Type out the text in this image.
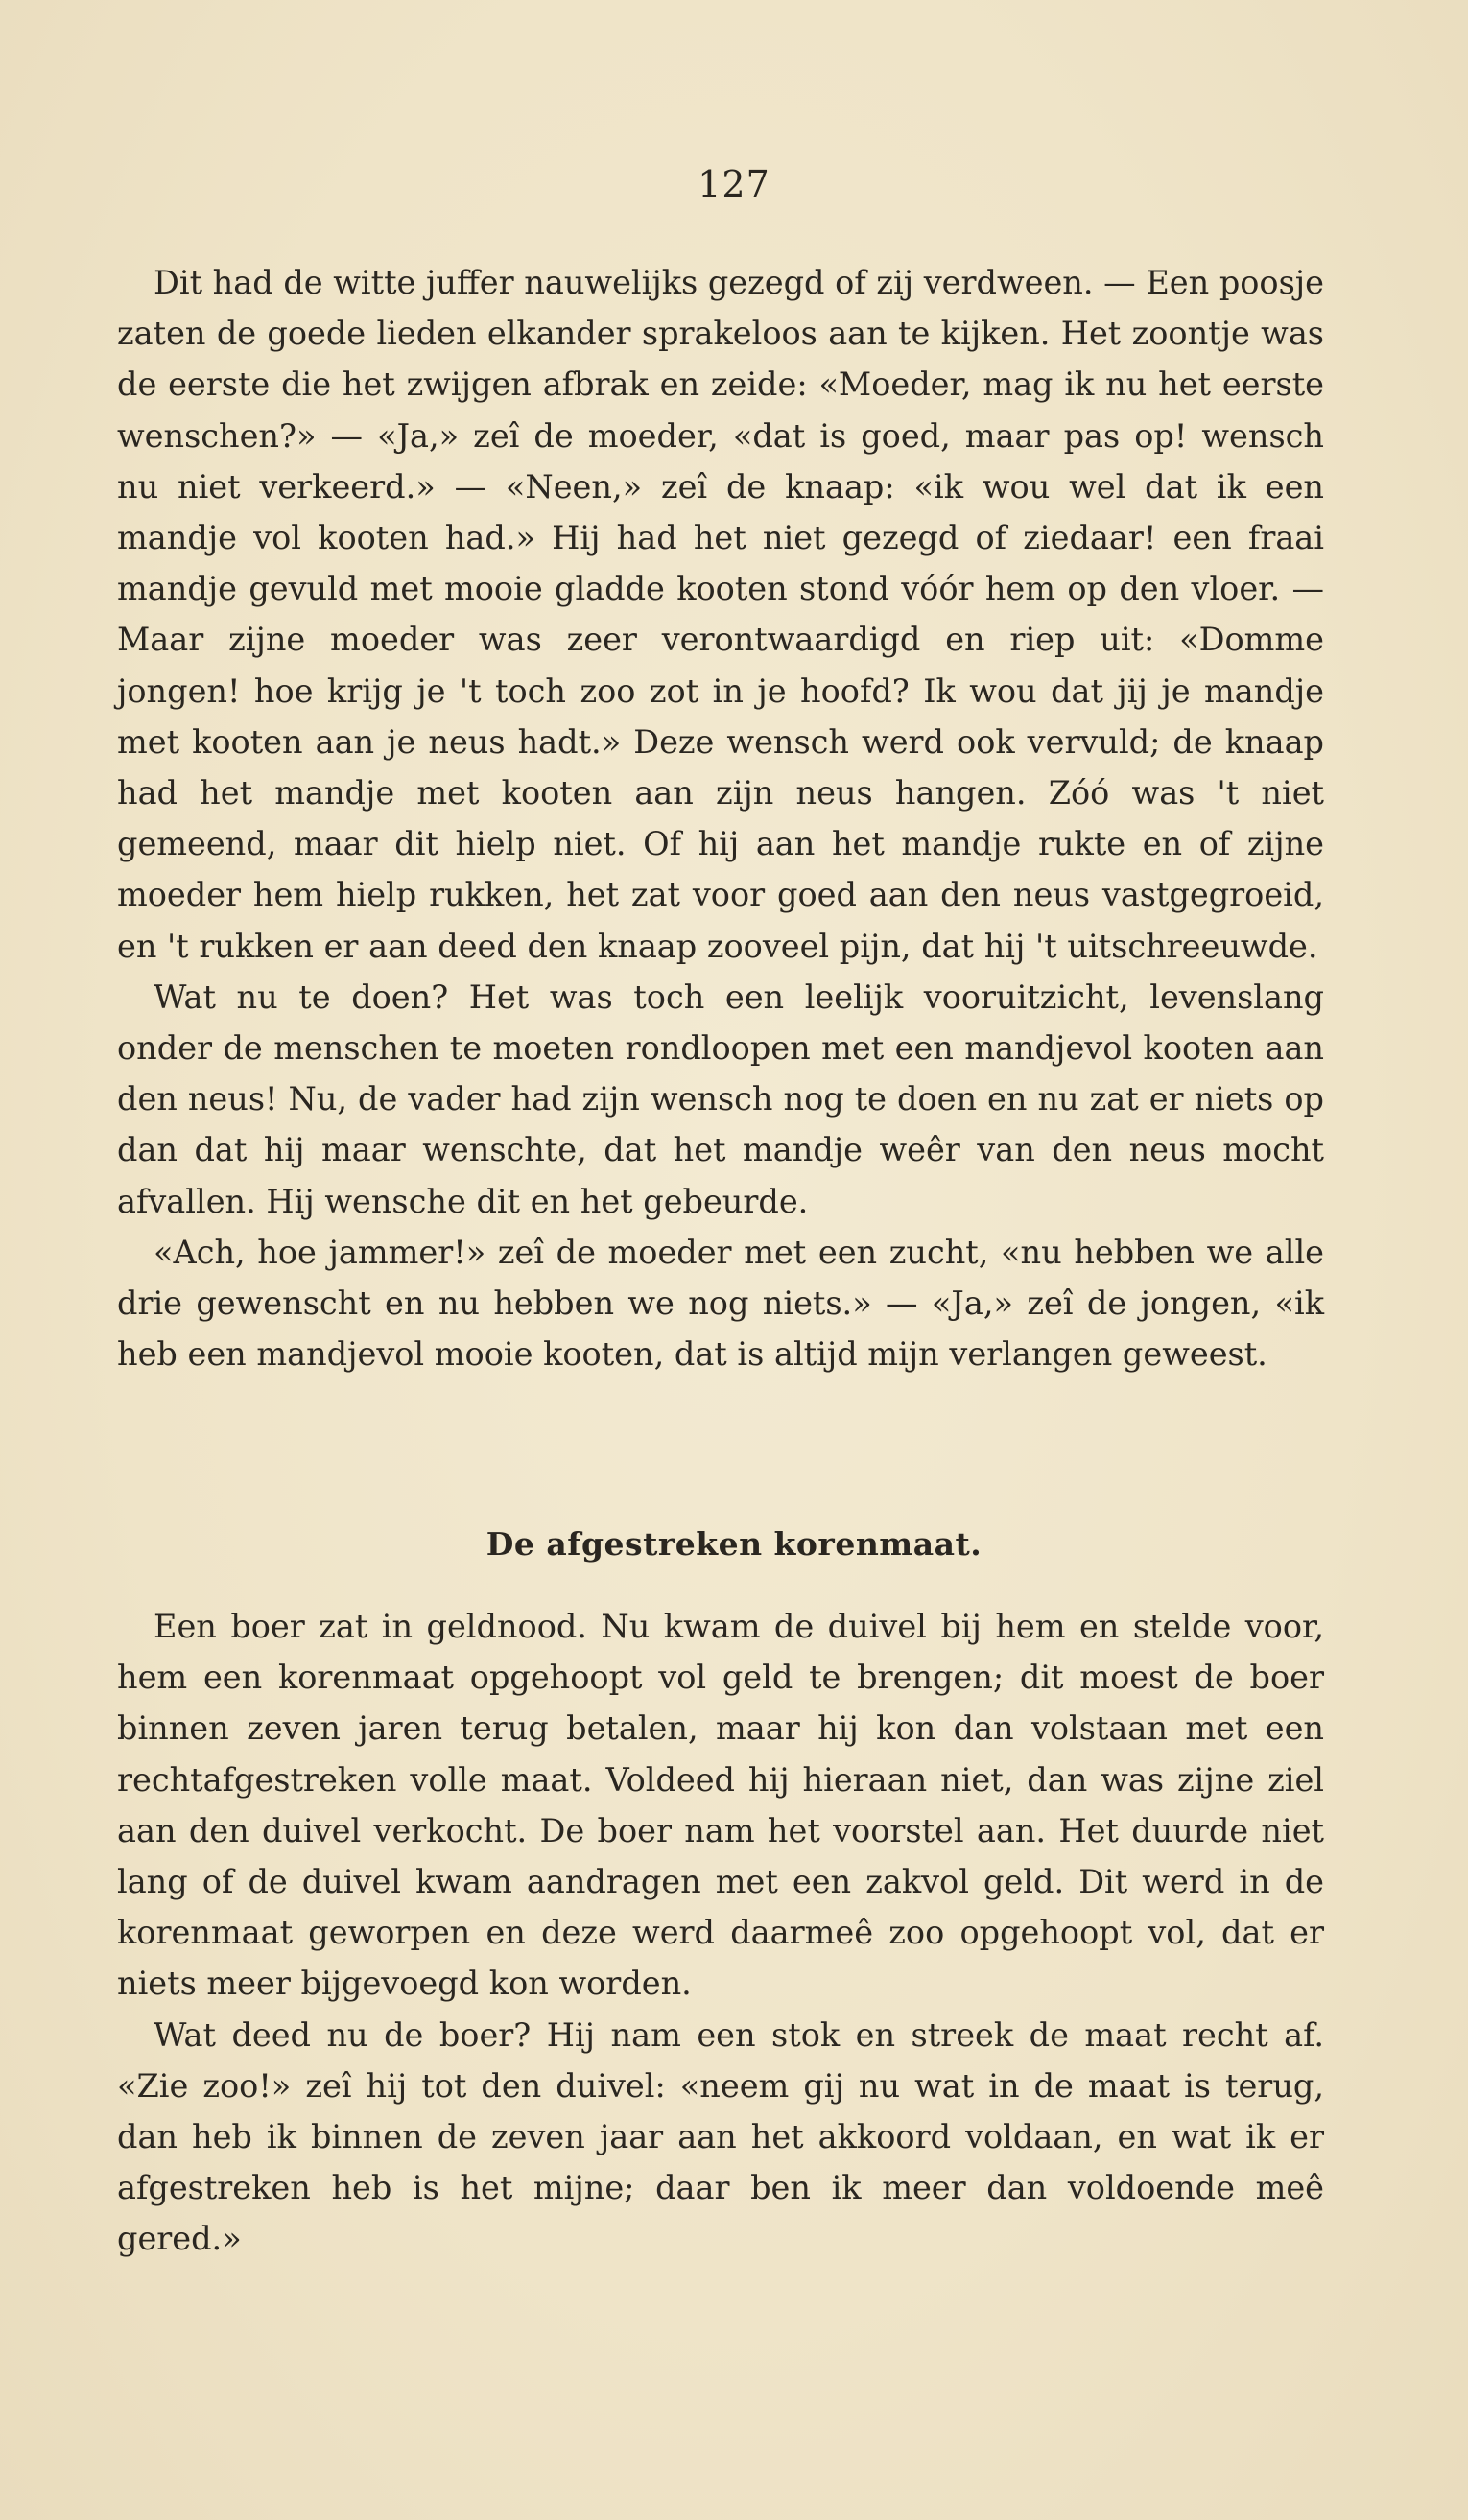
127

Dit had de witte juffer nauwelijks gezegd of zij verdween. — Een poosje zaten de goede lieden elkander sprakeloos aan te kijken. Het zoontje was de eerste die het zwijgen afbrak en zeide: «Moeder, mag ik nu het eerste wenschen?» — «Ja,» zeî de moeder, «dat is goed, maar pas op! wensch nu niet verkeerd.» — «Neen,» zeî de knaap: «ik wou wel dat ik een mandje vol kooten had.» Hij had het niet gezegd of ziedaar! een fraai mandje gevuld met mooie gladde kooten stond vóór hem op den vloer. — Maar zijne moeder was zeer verontwaardigd en riep uit: «Domme jongen! hoe krijg je 't toch zoo zot in je hoofd? Ik wou dat jij je mandje met kooten aan je neus hadt.» Deze wensch werd ook vervuld; de knaap had het mandje met kooten aan zijn neus hangen. Zóó was 't niet gemeend, maar dit hielp niet. Of hij aan het mandje rukte en of zijne moeder hem hielp rukken, het zat voor goed aan den neus vastgegroeid, en 't rukken er aan deed den knaap zooveel pijn, dat hij 't uitschreeuwde.

Wat nu te doen? Het was toch een leelijk vooruitzicht, levenslang onder de menschen te moeten rondloopen met een mandjevol kooten aan den neus! Nu, de vader had zijn wensch nog te doen en nu zat er niets op dan dat hij maar wenschte, dat het mandje weêr van den neus mocht afvallen. Hij wensche dit en het gebeurde.

«Ach, hoe jammer!» zeî de moeder met een zucht, «nu hebben we alle drie gewenscht en nu hebben we nog niets.» — «Ja,» zeî de jongen, «ik heb een mandjevol mooie kooten, dat is altijd mijn verlangen geweest.

De afgestreken korenmaat.

Een boer zat in geldnood. Nu kwam de duivel bij hem en stelde voor, hem een korenmaat opgehoopt vol geld te brengen; dit moest de boer binnen zeven jaren terug betalen, maar hij kon dan volstaan met een rechtafgestreken volle maat. Voldeed hij hieraan niet, dan was zijne ziel aan den duivel verkocht. De boer nam het voorstel aan. Het duurde niet lang of de duivel kwam aandragen met een zakvol geld. Dit werd in de korenmaat geworpen en deze werd daarmeê zoo opgehoopt vol, dat er niets meer bijgevoegd kon worden.

Wat deed nu de boer? Hij nam een stok en streek de maat recht af. «Zie zoo!» zeî hij tot den duivel: «neem gij nu wat in de maat is terug, dan heb ik binnen de zeven jaar aan het akkoord voldaan, en wat ik er afgestreken heb is het mijne; daar ben ik meer dan voldoende meê gered.»
